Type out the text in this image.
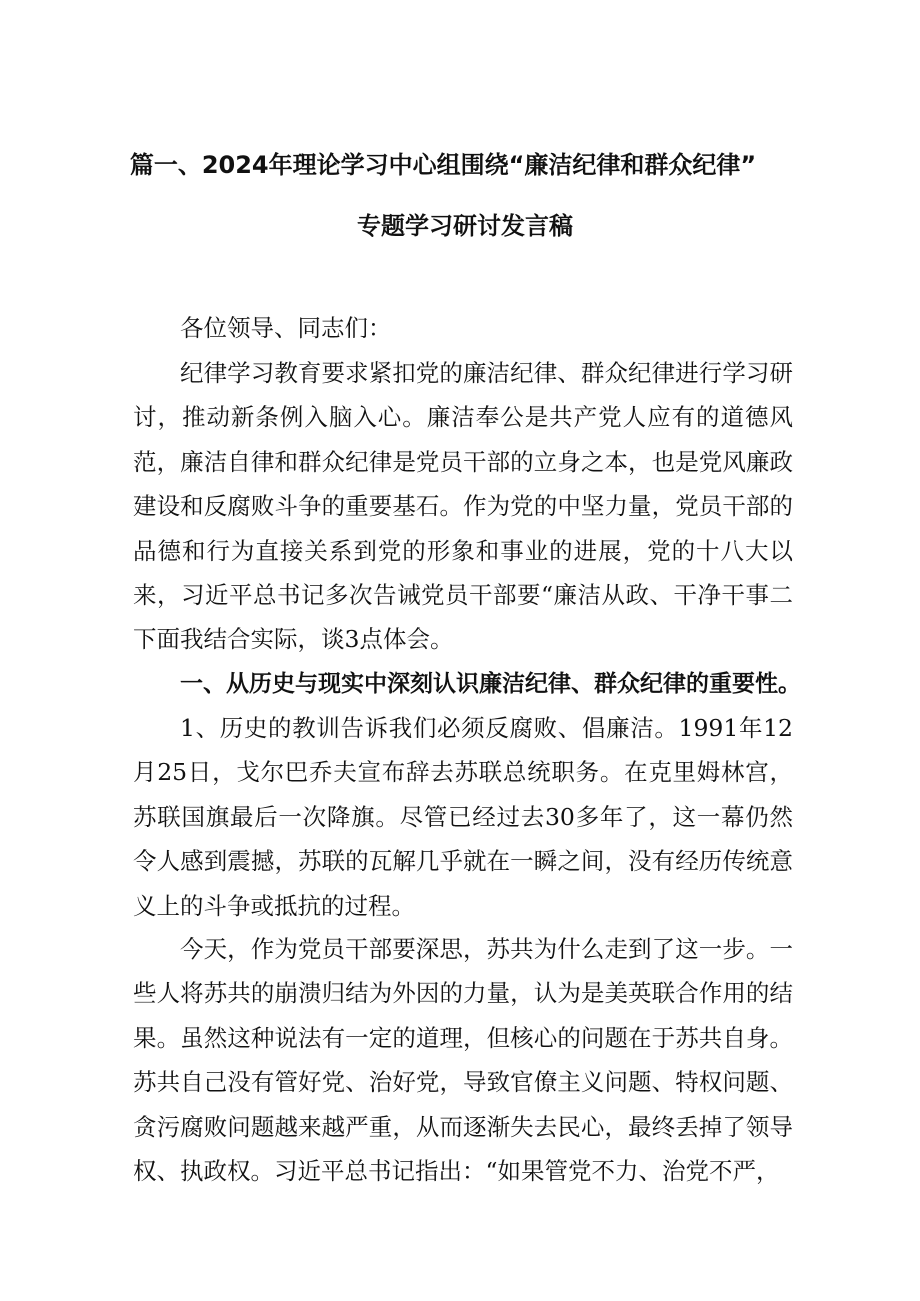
篇一、2024年理论学习中心组围绕“廉洁纪律和群众纪律”
专题学习研讨发言稿

各位领导、同志们：

纪律学习教育要求紧扣党的廉洁纪律、群众纪律进行学习研讨，推动新条例入脑入心。廉洁奉公是共产党人应有的道德风范，廉洁自律和群众纪律是党员干部的立身之本，也是党风廉政建设和反腐败斗争的重要基石。作为党的中坚力量，党员干部的品德和行为直接关系到党的形象和事业的进展，党的十八大以来，习近平总书记多次告诫党员干部要“廉洁从政、干净干事二下面我结合实际，谈3点体会。

一、从历史与现实中深刻认识廉洁纪律、群众纪律的重要性。

1、历史的教训告诉我们必须反腐败、倡廉洁。1991年12月25日，戈尔巴乔夫宣布辞去苏联总统职务。在克里姆林宫，苏联国旗最后一次降旗。尽管已经过去30多年了，这一幕仍然令人感到震撼，苏联的瓦解几乎就在一瞬之间，没有经历传统意义上的斗争或抵抗的过程。

今天，作为党员干部要深思，苏共为什么走到了这一步。一些人将苏共的崩溃归结为外因的力量，认为是美英联合作用的结果。虽然这种说法有一定的道理，但核心的问题在于苏共自身。苏共自己没有管好党、治好党，导致官僚主义问题、特权问题、贪污腐败问题越来越严重，从而逐渐失去民心，最终丢掉了领导权、执政权。习近平总书记指出：“如果管党不力、治党不严，
